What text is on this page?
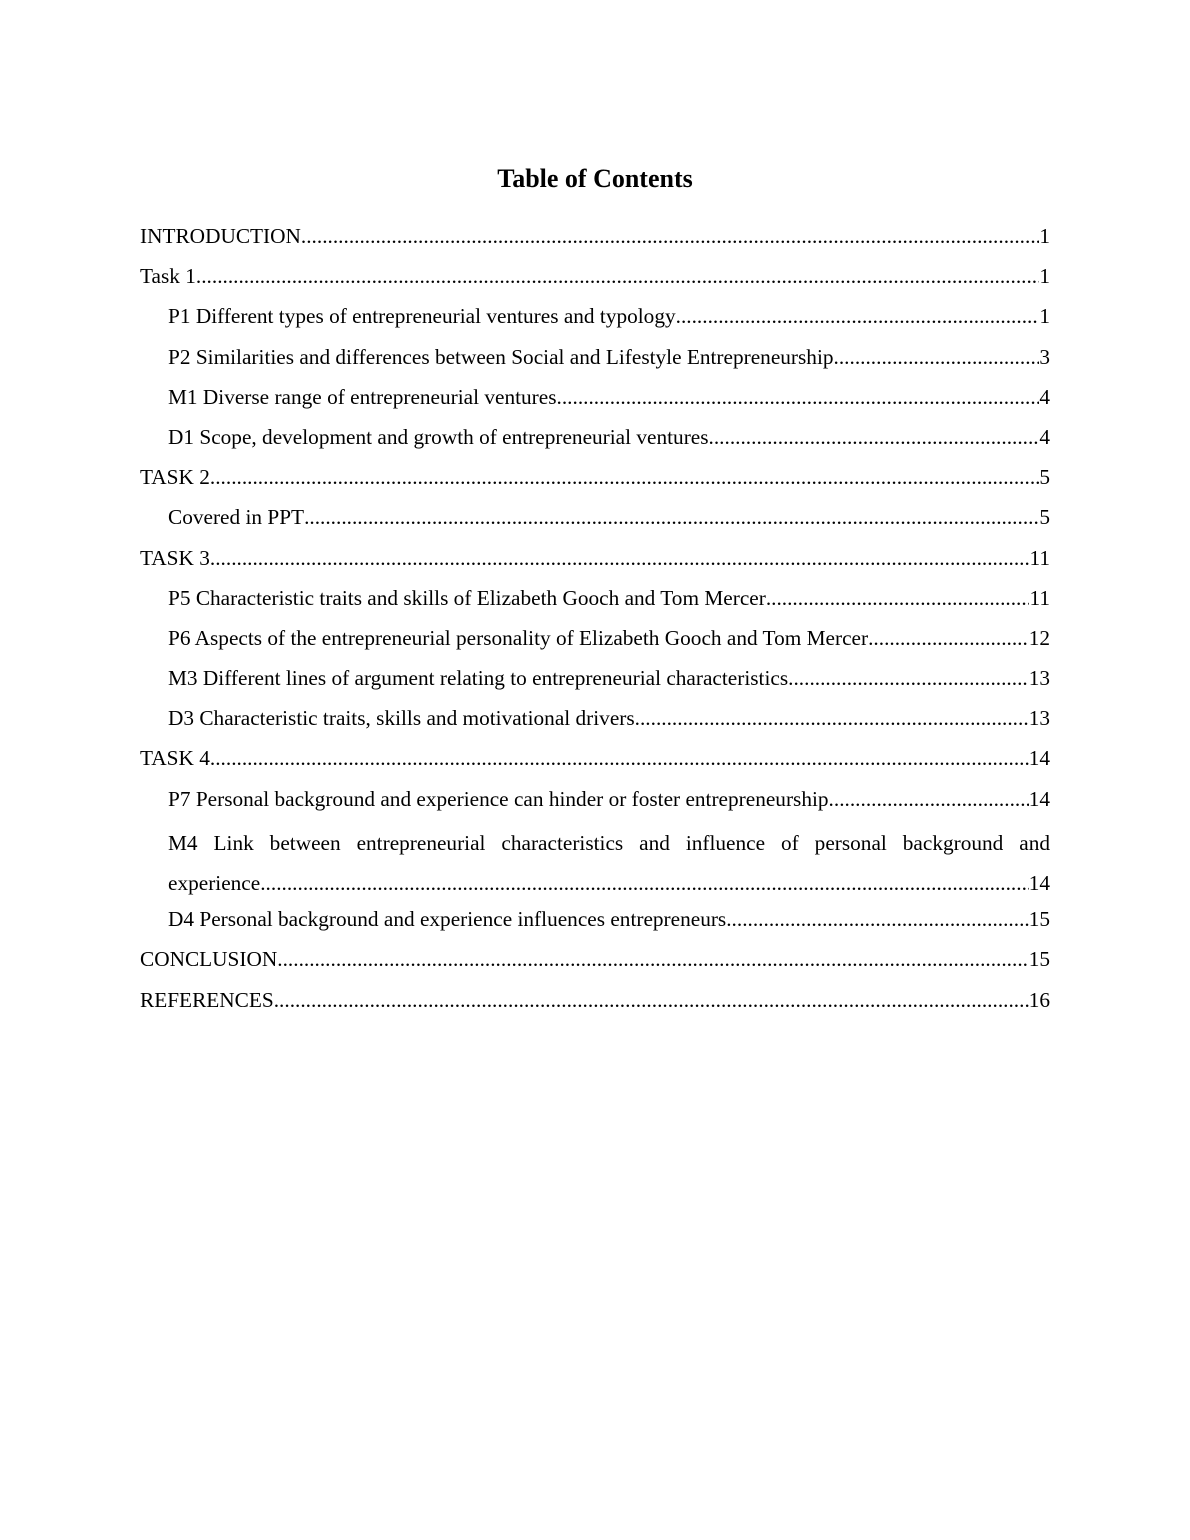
Table of Contents
INTRODUCTION .....	1
Task 1 .....	1
P1 Different types of entrepreneurial ventures and typology .....	1
P2 Similarities and differences between Social and Lifestyle Entrepreneurship .....	3
M1 Diverse range of entrepreneurial ventures .....	4
D1 Scope, development and growth of entrepreneurial ventures .....	4
TASK 2 .....	5
Covered in PPT .....	5
TASK 3 .....	11
P5 Characteristic traits and skills of Elizabeth Gooch and Tom Mercer .....	11
P6 Aspects of the entrepreneurial personality of Elizabeth Gooch and Tom Mercer .....	12
M3 Different lines of argument relating to entrepreneurial characteristics .....	13
D3 Characteristic traits, skills and motivational drivers .....	13
TASK 4 .....	14
P7 Personal background and experience can hinder or foster entrepreneurship .....	14
M4 Link between entrepreneurial characteristics and influence of personal background and
experience .....	14
D4 Personal background and experience influences entrepreneurs .....	15
CONCLUSION .....	15
REFERENCES .....	16
